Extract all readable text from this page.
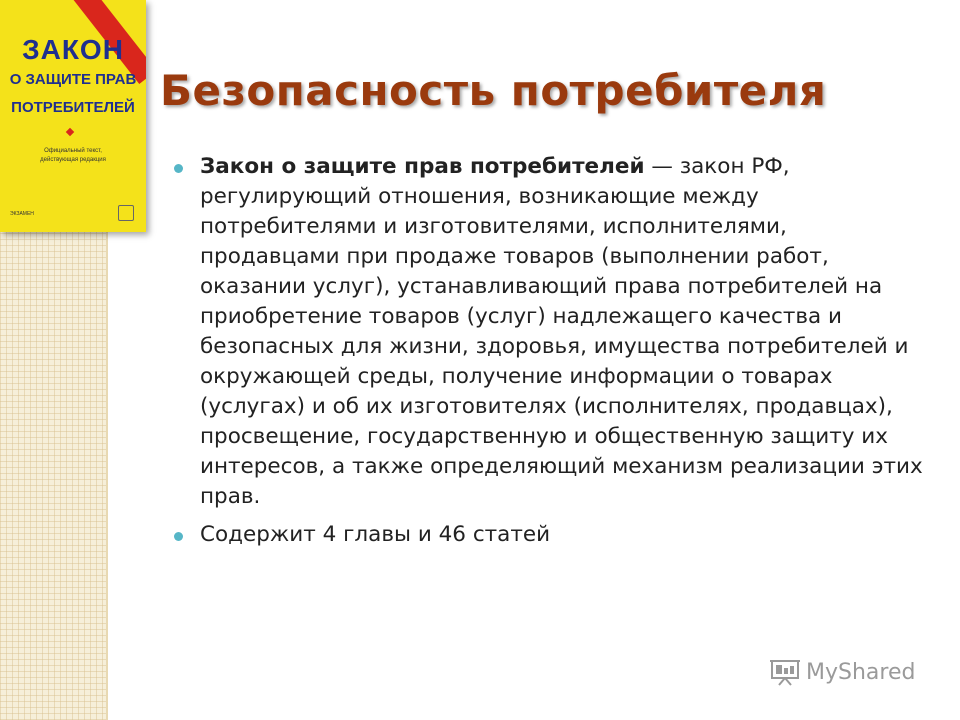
ЗАКОН
О ЗАЩИТЕ ПРАВ
ПОТРЕБИТЕЛЕЙ
Официальный текст,
действующая редакция
ЭКЗАМЕН
Безопасность потребителя
Закон о защите прав потребителей — закон РФ, регулирующий отношения, возникающие между потребителями и изготовителями, исполнителями, продавцами при продаже товаров (выполнении работ, оказании услуг), устанавливающий права потребителей на приобретение товаров (услуг) надлежащего качества и безопасных для жизни, здоровья, имущества потребителей и окружающей среды, получение информации о товарах (услугах) и об их изготовителях (исполнителях, продавцах), просвещение, государственную и общественную защиту их интересов, а также определяющий механизм реализации этих прав.
Содержит 4 главы и 46 статей
MyShared
